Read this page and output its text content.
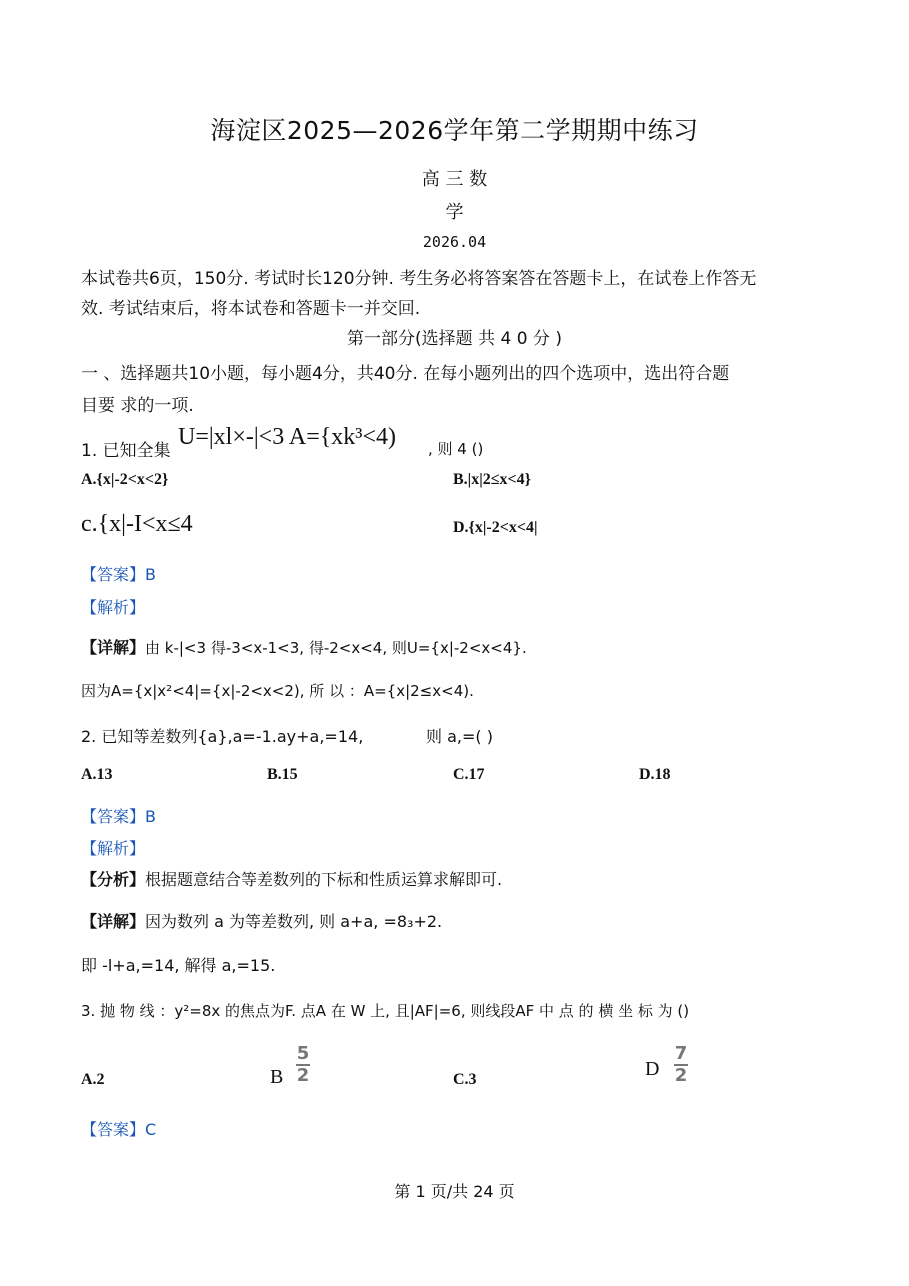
海淀区2025—2026学年第二学期期中练习
高 三 数
学
2026.04
本试卷共6页，150分. 考试时长120分钟. 考生务必将答案答在答题卡上，在试卷上作答无
效. 考试结束后，将本试卷和答题卡一并交回.
第一部分(选择题 共 4 0 分 )
一 、选择题共10小题，每小题4分，共40分. 在每小题列出的四个选项中，选出符合题
目要 求的一项.
1. 已知全集
U=|xl×-|<3 A={xk³<4) , 则 4 ()
A.{x|-2<x<2}	B.|x|2≤x<4}
c.{x|-I<x≤4	D.{x|-2<x<4|
【答案】B
【解析】
【详解】由 k-|<3 得-3<x-1<3, 得-2<x<4, 则U={x|-2<x<4}.
因为A={x|x²<4|={x|-2<x<2), 所 以 ：A={x|2≤x<4).
2. 已知等差数列{a},a=-1.ay+a,=14,	则 a,=( )
A.13	B.15	C.17	D.18
【答案】B
【解析】
【分析】根据题意结合等差数列的下标和性质运算求解即可.
【详解】因为数列 a 为等差数列, 则 a+a, =8₃+2.
即 -l+a,=14, 解得 a,=15.
3. 抛 物 线 ：y²=8x 的焦点为F. 点A 在 W 上, 且|AF|=6, 则线段AF 中 点 的 横 坐 标 为 ()
A.2	B
5
2	C.3	D
7
2
【答案】C
第 1 页/共 24 页
